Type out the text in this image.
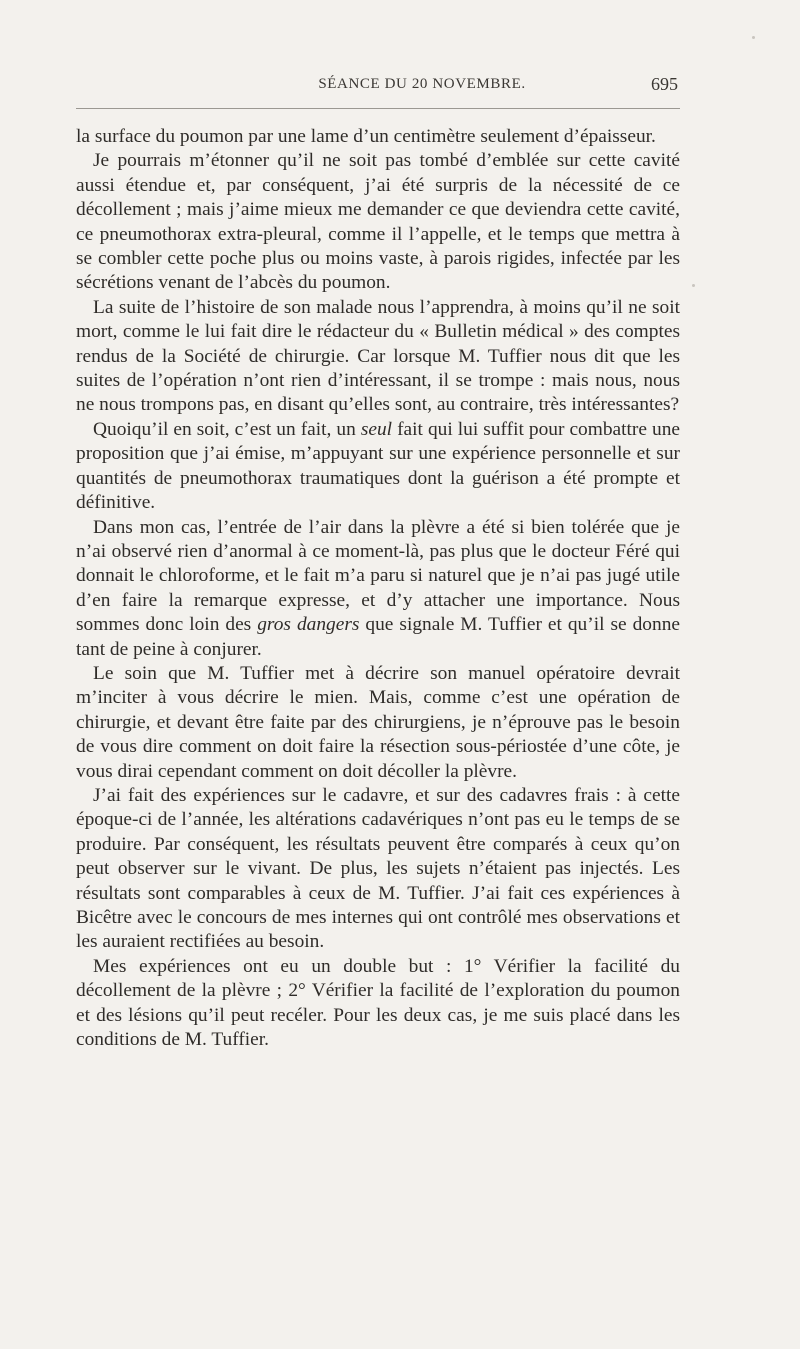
SÉANCE DU 20 NOVEMBRE.	695

la surface du poumon par une lame d’un centimètre seulement d’épaisseur.

Je pourrais m’étonner qu’il ne soit pas tombé d’emblée sur cette cavité aussi étendue et, par conséquent, j’ai été surpris de la nécessité de ce décollement ; mais j’aime mieux me demander ce que deviendra cette cavité, ce pneumothorax extra-pleural, comme il l’appelle, et le temps que mettra à se combler cette poche plus ou moins vaste, à parois rigides, infectée par les sécrétions venant de l’abcès du poumon.

La suite de l’histoire de son malade nous l’apprendra, à moins qu’il ne soit mort, comme le lui fait dire le rédacteur du « Bulletin médical » des comptes rendus de la Société de chirurgie. Car lorsque M. Tuffier nous dit que les suites de l’opération n’ont rien d’intéressant, il se trompe : mais nous, nous ne nous trompons pas, en disant qu’elles sont, au contraire, très intéressantes?

Quoiqu’il en soit, c’est un fait, un seul fait qui lui suffit pour combattre une proposition que j’ai émise, m’appuyant sur une expérience personnelle et sur quantités de pneumothorax traumatiques dont la guérison a été prompte et définitive.

Dans mon cas, l’entrée de l’air dans la plèvre a été si bien tolérée que je n’ai observé rien d’anormal à ce moment-là, pas plus que le docteur Féré qui donnait le chloroforme, et le fait m’a paru si naturel que je n’ai pas jugé utile d’en faire la remarque expresse, et d’y attacher une importance. Nous sommes donc loin des gros dangers que signale M. Tuffier et qu’il se donne tant de peine à conjurer.

Le soin que M. Tuffier met à décrire son manuel opératoire devrait m’inciter à vous décrire le mien. Mais, comme c’est une opération de chirurgie, et devant être faite par des chirurgiens, je n’éprouve pas le besoin de vous dire comment on doit faire la résection sous-périostée d’une côte, je vous dirai cependant comment on doit décoller la plèvre.

J’ai fait des expériences sur le cadavre, et sur des cadavres frais : à cette époque-ci de l’année, les altérations cadavériques n’ont pas eu le temps de se produire. Par conséquent, les résultats peuvent être comparés à ceux qu’on peut observer sur le vivant. De plus, les sujets n’étaient pas injectés. Les résultats sont comparables à ceux de M. Tuffier. J’ai fait ces expériences à Bicêtre avec le concours de mes internes qui ont contrôlé mes observations et les auraient rectifiées au besoin.

Mes expériences ont eu un double but : 1° Vérifier la facilité du décollement de la plèvre ; 2° Vérifier la facilité de l’exploration du poumon et des lésions qu’il peut recéler. Pour les deux cas, je me suis placé dans les conditions de M. Tuffier.
